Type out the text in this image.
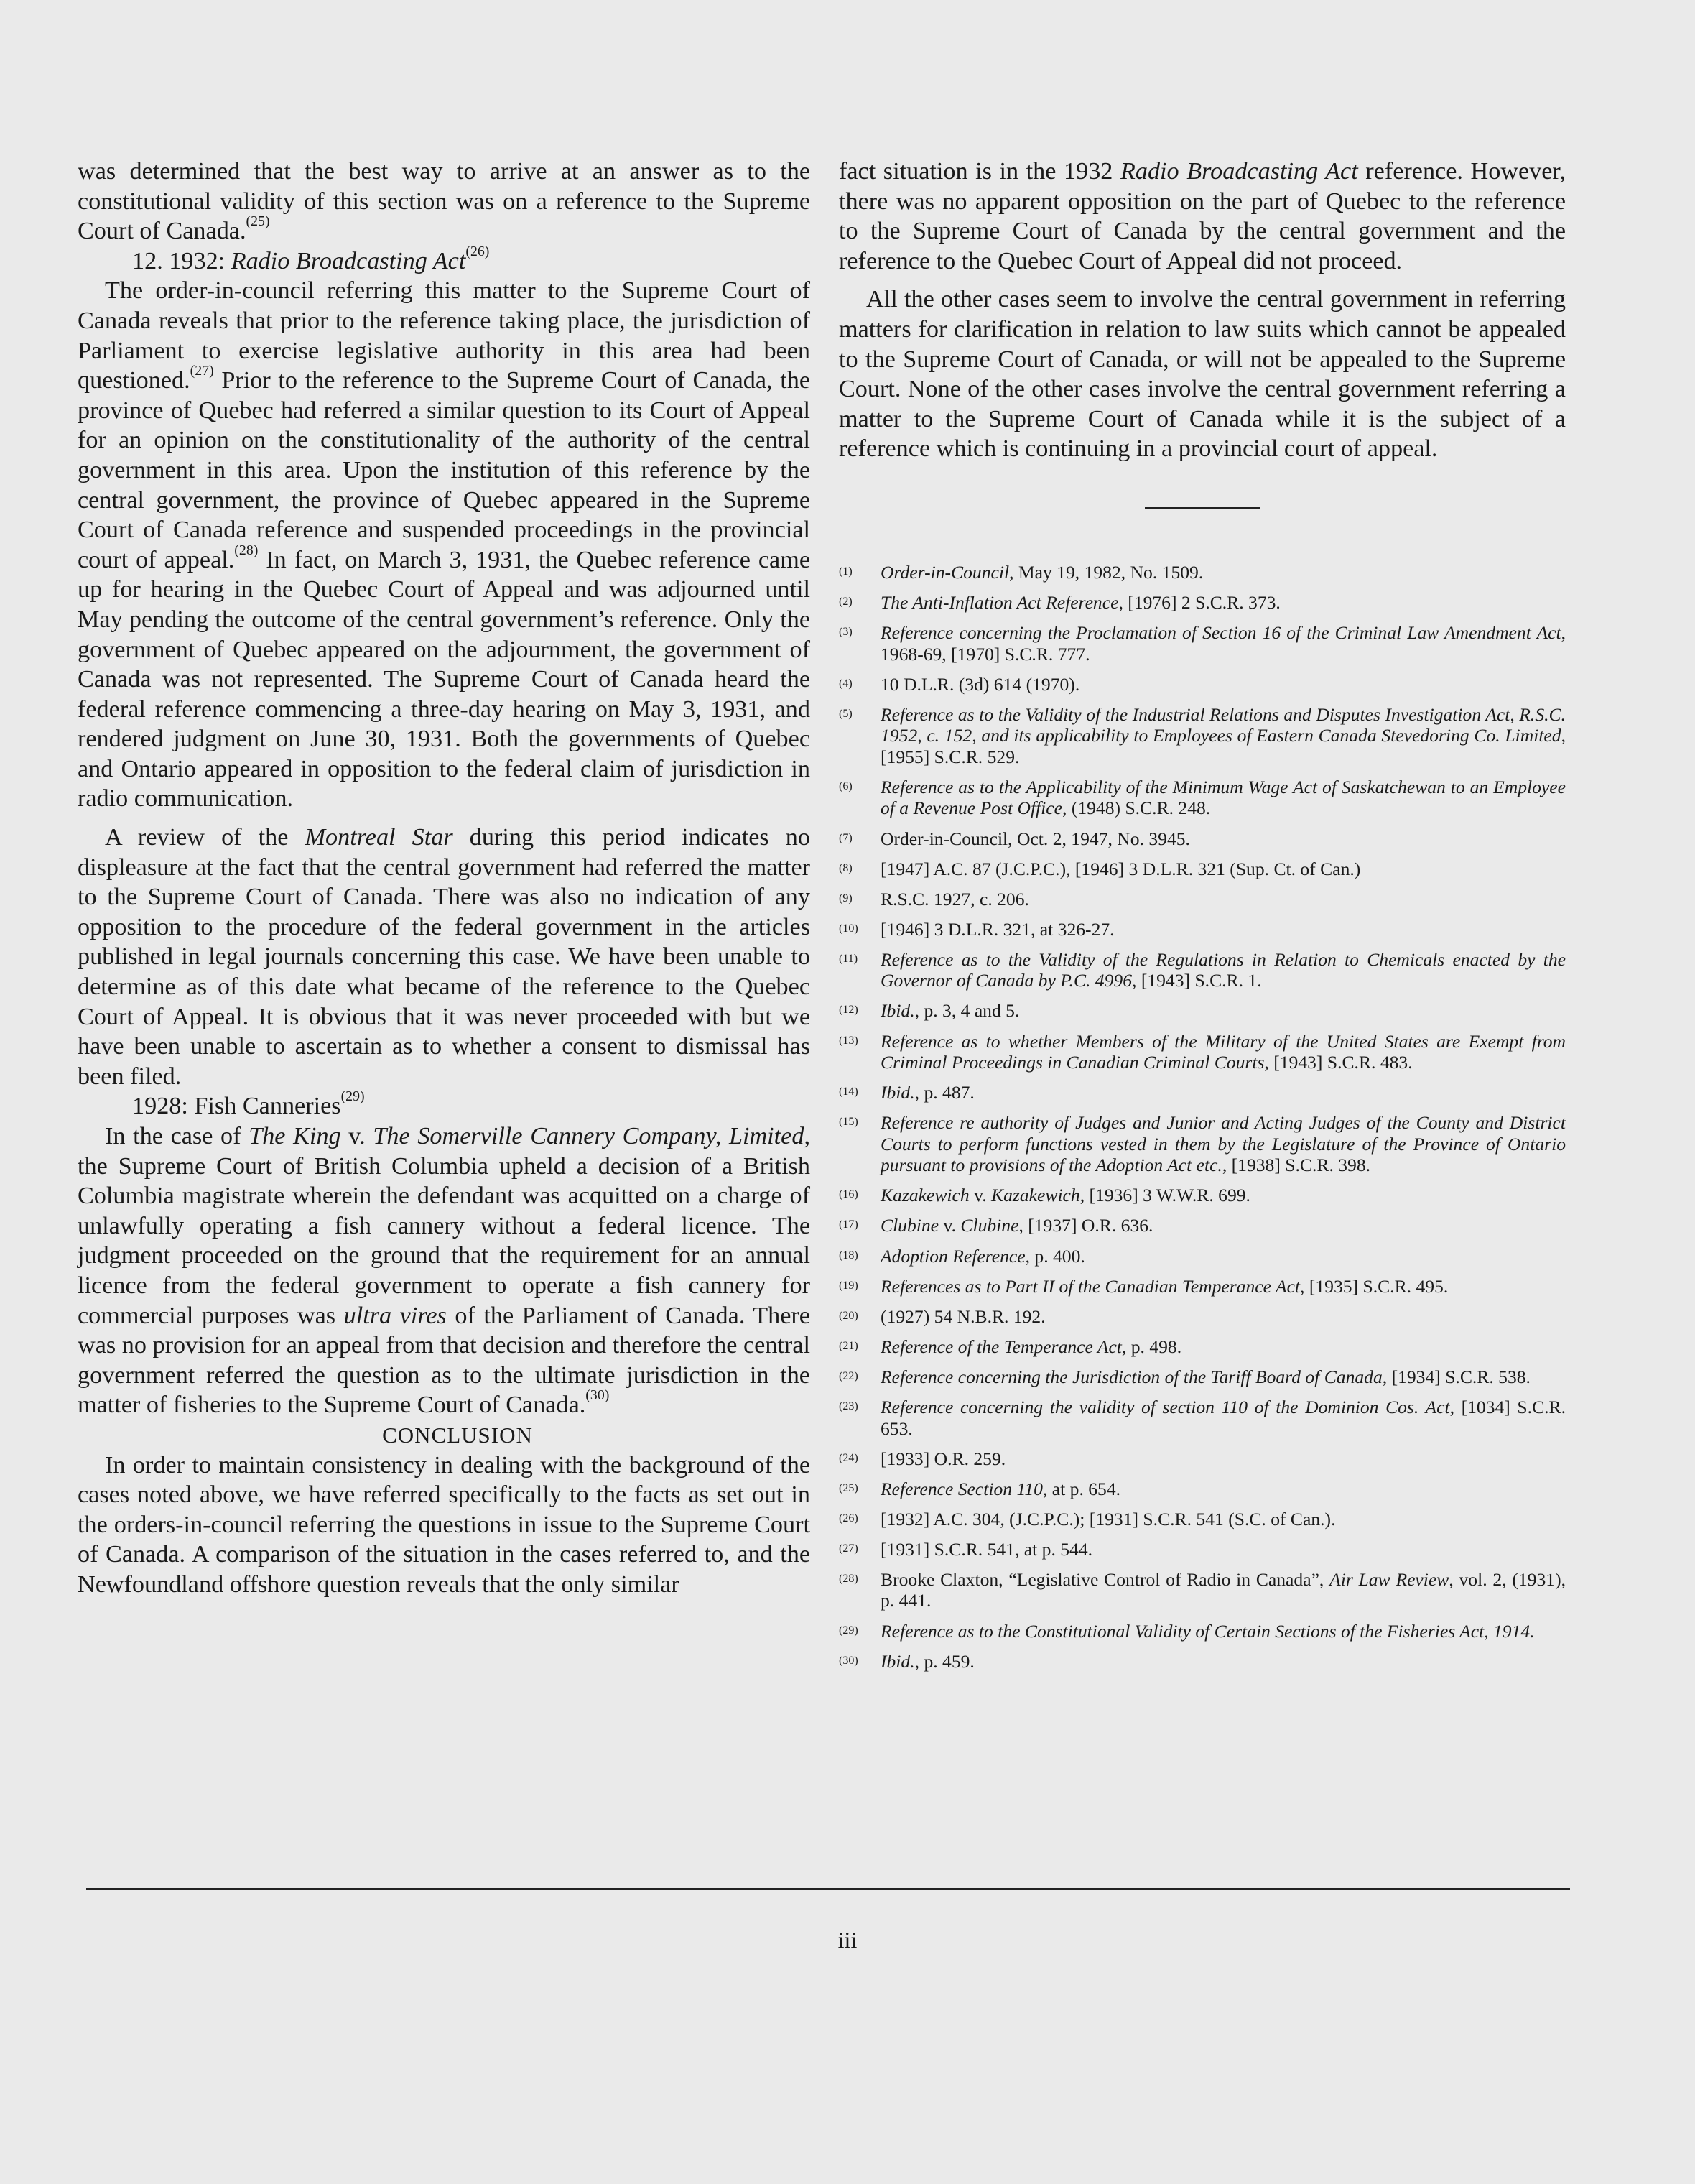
was determined that the best way to arrive at an answer as to the constitutional validity of this section was on a reference to the Supreme Court of Canada.$^{(25)}$

12. 1932: Radio Broadcasting Act$^{(26)}$

The order-in-council referring this matter to the Supreme Court of Canada reveals that prior to the reference taking place, the jurisdiction of Parliament to exercise legislative authority in this area had been questioned.$^{(27)}$ Prior to the reference to the Supreme Court of Canada, the province of Quebec had referred a similar question to its Court of Appeal for an opinion on the constitutionality of the authority of the central government in this area. Upon the institution of this reference by the central government, the province of Quebec appeared in the Supreme Court of Canada reference and suspended proceedings in the provincial court of appeal.$^{(28)}$ In fact, on March 3, 1931, the Quebec reference came up for hearing in the Quebec Court of Appeal and was adjourned until May pending the outcome of the central government’s reference. Only the government of Quebec appeared on the adjournment, the government of Canada was not represented. The Supreme Court of Canada heard the federal reference commencing a three-day hearing on May 3, 1931, and rendered judgment on June 30, 1931. Both the governments of Quebec and Ontario appeared in opposition to the federal claim of jurisdiction in radio communication.

A review of the Montreal Star during this period indicates no displeasure at the fact that the central government had referred the matter to the Supreme Court of Canada. There was also no indication of any opposition to the procedure of the federal government in the articles published in legal journals concerning this case. We have been unable to determine as of this date what became of the reference to the Quebec Court of Appeal. It is obvious that it was never proceeded with but we have been unable to ascertain as to whether a consent to dismissal has been filed.

1928: Fish Canneries$^{(29)}$

In the case of The King v. The Somerville Cannery Company, Limited, the Supreme Court of British Columbia upheld a decision of a British Columbia magistrate wherein the defendant was acquitted on a charge of unlawfully operating a fish cannery without a federal licence. The judgment proceeded on the ground that the requirement for an annual licence from the federal government to operate a fish cannery for commercial purposes was ultra vires of the Parliament of Canada. There was no provision for an appeal from that decision and therefore the central government referred the question as to the ultimate jurisdiction in the matter of fisheries to the Supreme Court of Canada.$^{(30)}$

CONCLUSION

In order to maintain consistency in dealing with the background of the cases noted above, we have referred specifically to the facts as set out in the orders-in-council referring the questions in issue to the Supreme Court of Canada. A comparison of the situation in the cases referred to, and the Newfoundland offshore question reveals that the only similar

fact situation is in the 1932 Radio Broadcasting Act reference. However, there was no apparent opposition on the part of Quebec to the reference to the Supreme Court of Canada by the central government and the reference to the Quebec Court of Appeal did not proceed.

All the other cases seem to involve the central government in referring matters for clarification in relation to law suits which cannot be appealed to the Supreme Court of Canada, or will not be appealed to the Supreme Court. None of the other cases involve the central government referring a matter to the Supreme Court of Canada while it is the subject of a reference which is continuing in a provincial court of appeal.

(1)	Order-in-Council, May 19, 1982, No. 1509.
(2)	The Anti-Inflation Act Reference, [1976] 2 S.C.R. 373.
(3)	Reference concerning the Proclamation of Section 16 of the Criminal Law Amendment Act, 1968-69, [1970] S.C.R. 777.
(4)	10 D.L.R. (3d) 614 (1970).
(5)	Reference as to the Validity of the Industrial Relations and Disputes Investigation Act, R.S.C. 1952, c. 152, and its applicability to Employees of Eastern Canada Stevedoring Co. Limited, [1955] S.C.R. 529.
(6)	Reference as to the Applicability of the Minimum Wage Act of Saskatchewan to an Employee of a Revenue Post Office, (1948) S.C.R. 248.
(7)	Order-in-Council, Oct. 2, 1947, No. 3945.
(8)	[1947] A.C. 87 (J.C.P.C.), [1946] 3 D.L.R. 321 (Sup. Ct. of Can.)
(9)	R.S.C. 1927, c. 206.
(10)	[1946] 3 D.L.R. 321, at 326-27.
(11)	Reference as to the Validity of the Regulations in Relation to Chemicals enacted by the Governor of Canada by P.C. 4996, [1943] S.C.R. 1.
(12)	Ibid., p. 3, 4 and 5.
(13)	Reference as to whether Members of the Military of the United States are Exempt from Criminal Proceedings in Canadian Criminal Courts, [1943] S.C.R. 483.
(14)	Ibid., p. 487.
(15)	Reference re authority of Judges and Junior and Acting Judges of the County and District Courts to perform functions vested in them by the Legislature of the Province of Ontario pursuant to provisions of the Adoption Act etc., [1938] S.C.R. 398.
(16)	Kazakewich v. Kazakewich, [1936] 3 W.W.R. 699.
(17)	Clubine v. Clubine, [1937] O.R. 636.
(18)	Adoption Reference, p. 400.
(19)	References as to Part II of the Canadian Temperance Act, [1935] S.C.R. 495.
(20)	(1927) 54 N.B.R. 192.
(21)	Reference of the Temperance Act, p. 498.
(22)	Reference concerning the Jurisdiction of the Tariff Board of Canada, [1934] S.C.R. 538.
(23)	Reference concerning the validity of section 110 of the Dominion Cos. Act, [1034] S.C.R. 653.
(24)	[1933] O.R. 259.
(25)	Reference Section 110, at p. 654.
(26)	[1932] A.C. 304, (J.C.P.C.); [1931] S.C.R. 541 (S.C. of Can.).
(27)	[1931] S.C.R. 541, at p. 544.
(28)	Brooke Claxton, “Legislative Control of Radio in Canada”, Air Law Review, vol. 2, (1931), p. 441.
(29)	Reference as to the Constitutional Validity of Certain Sections of the Fisheries Act, 1914.
(30)	Ibid., p. 459.
iii
